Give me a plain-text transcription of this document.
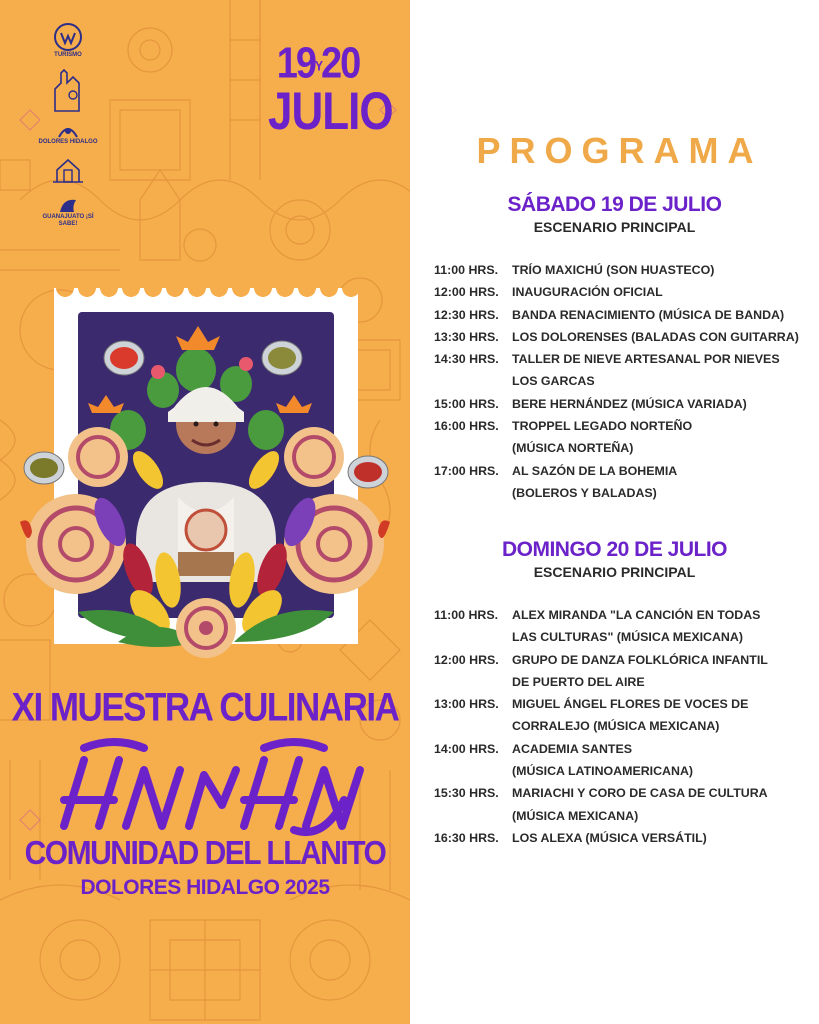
TURISMO
DOLORES HIDALGO
GUANAJUATO ¡SÍ SABE!
19Y20
JULIO
XI MUESTRA CULINARIA
COMUNIDAD DEL LLANITO
DOLORES HIDALGO 2025
PROGRAMA
SÁBADO 19 DE JULIO
ESCENARIO PRINCIPAL
11:00 HRS.	TRÍO MAXICHÚ (SON HUASTECO)
12:00 HRS.	INAUGURACIÓN OFICIAL
12:30 HRS.	BANDA RENACIMIENTO (MÚSICA DE BANDA)
13:30 HRS.	LOS DOLORENSES (BALADAS CON GUITARRA)
14:30 HRS.	TALLER DE NIEVE ARTESANAL POR NIEVES
LOS GARCAS
15:00 HRS.	BERE HERNÁNDEZ (MÚSICA VARIADA)
16:00 HRS.	TROPPEL LEGADO NORTEÑO
(MÚSICA NORTEÑA)
17:00 HRS.	AL SAZÓN DE LA BOHEMIA
(BOLEROS Y BALADAS)
DOMINGO 20 DE JULIO
ESCENARIO PRINCIPAL
11:00 HRS.	ALEX MIRANDA "LA CANCIÓN EN TODAS
LAS CULTURAS" (MÚSICA MEXICANA)
12:00 HRS.	GRUPO DE DANZA FOLKLÓRICA INFANTIL
DE PUERTO DEL AIRE
13:00 HRS.	MIGUEL ÁNGEL FLORES DE VOCES DE
CORRALEJO (MÚSICA MEXICANA)
14:00 HRS.	ACADEMIA SANTES
(MÚSICA LATINOAMERICANA)
15:30 HRS.	MARIACHI Y CORO DE CASA DE CULTURA
(MÚSICA MEXICANA)
16:30 HRS.	LOS ALEXA (MÚSICA VERSÁTIL)
